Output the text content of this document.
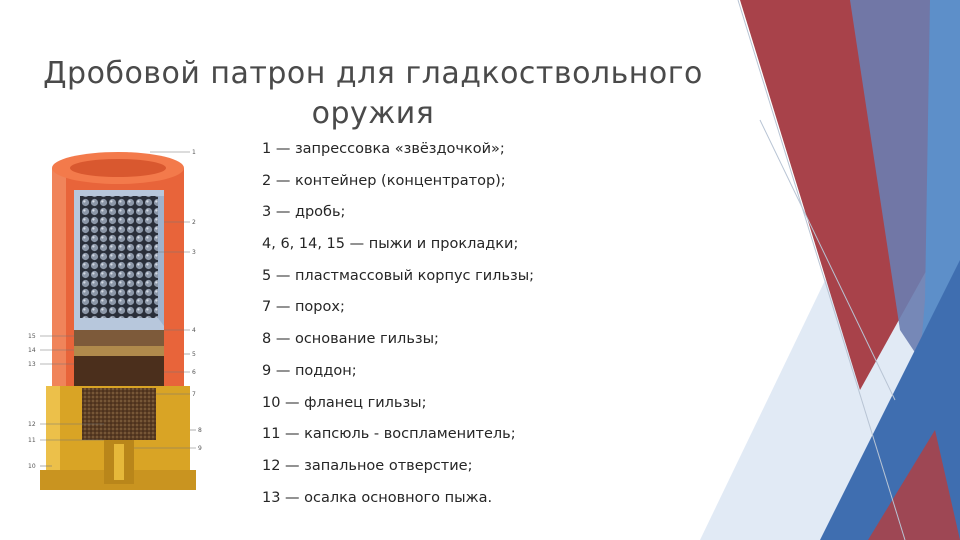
1
2
3
4
5
6
7
8
9
15
14
13
12
11
10
Дробовой патрон для гладкоствольного оружия
1 — запрессовка «звёздочкой»;
2 — контейнер (концентратор);
3 — дробь;
4, 6, 14, 15 — пыжи и прокладки;
5 — пластмассовый корпус гильзы;
7 — порох;
8 — основание гильзы;
9 — поддон;
10 — фланец гильзы;
11 — капсюль - воспламенитель;
12 — запальное отверстие;
13 — осалка основного пыжа.
